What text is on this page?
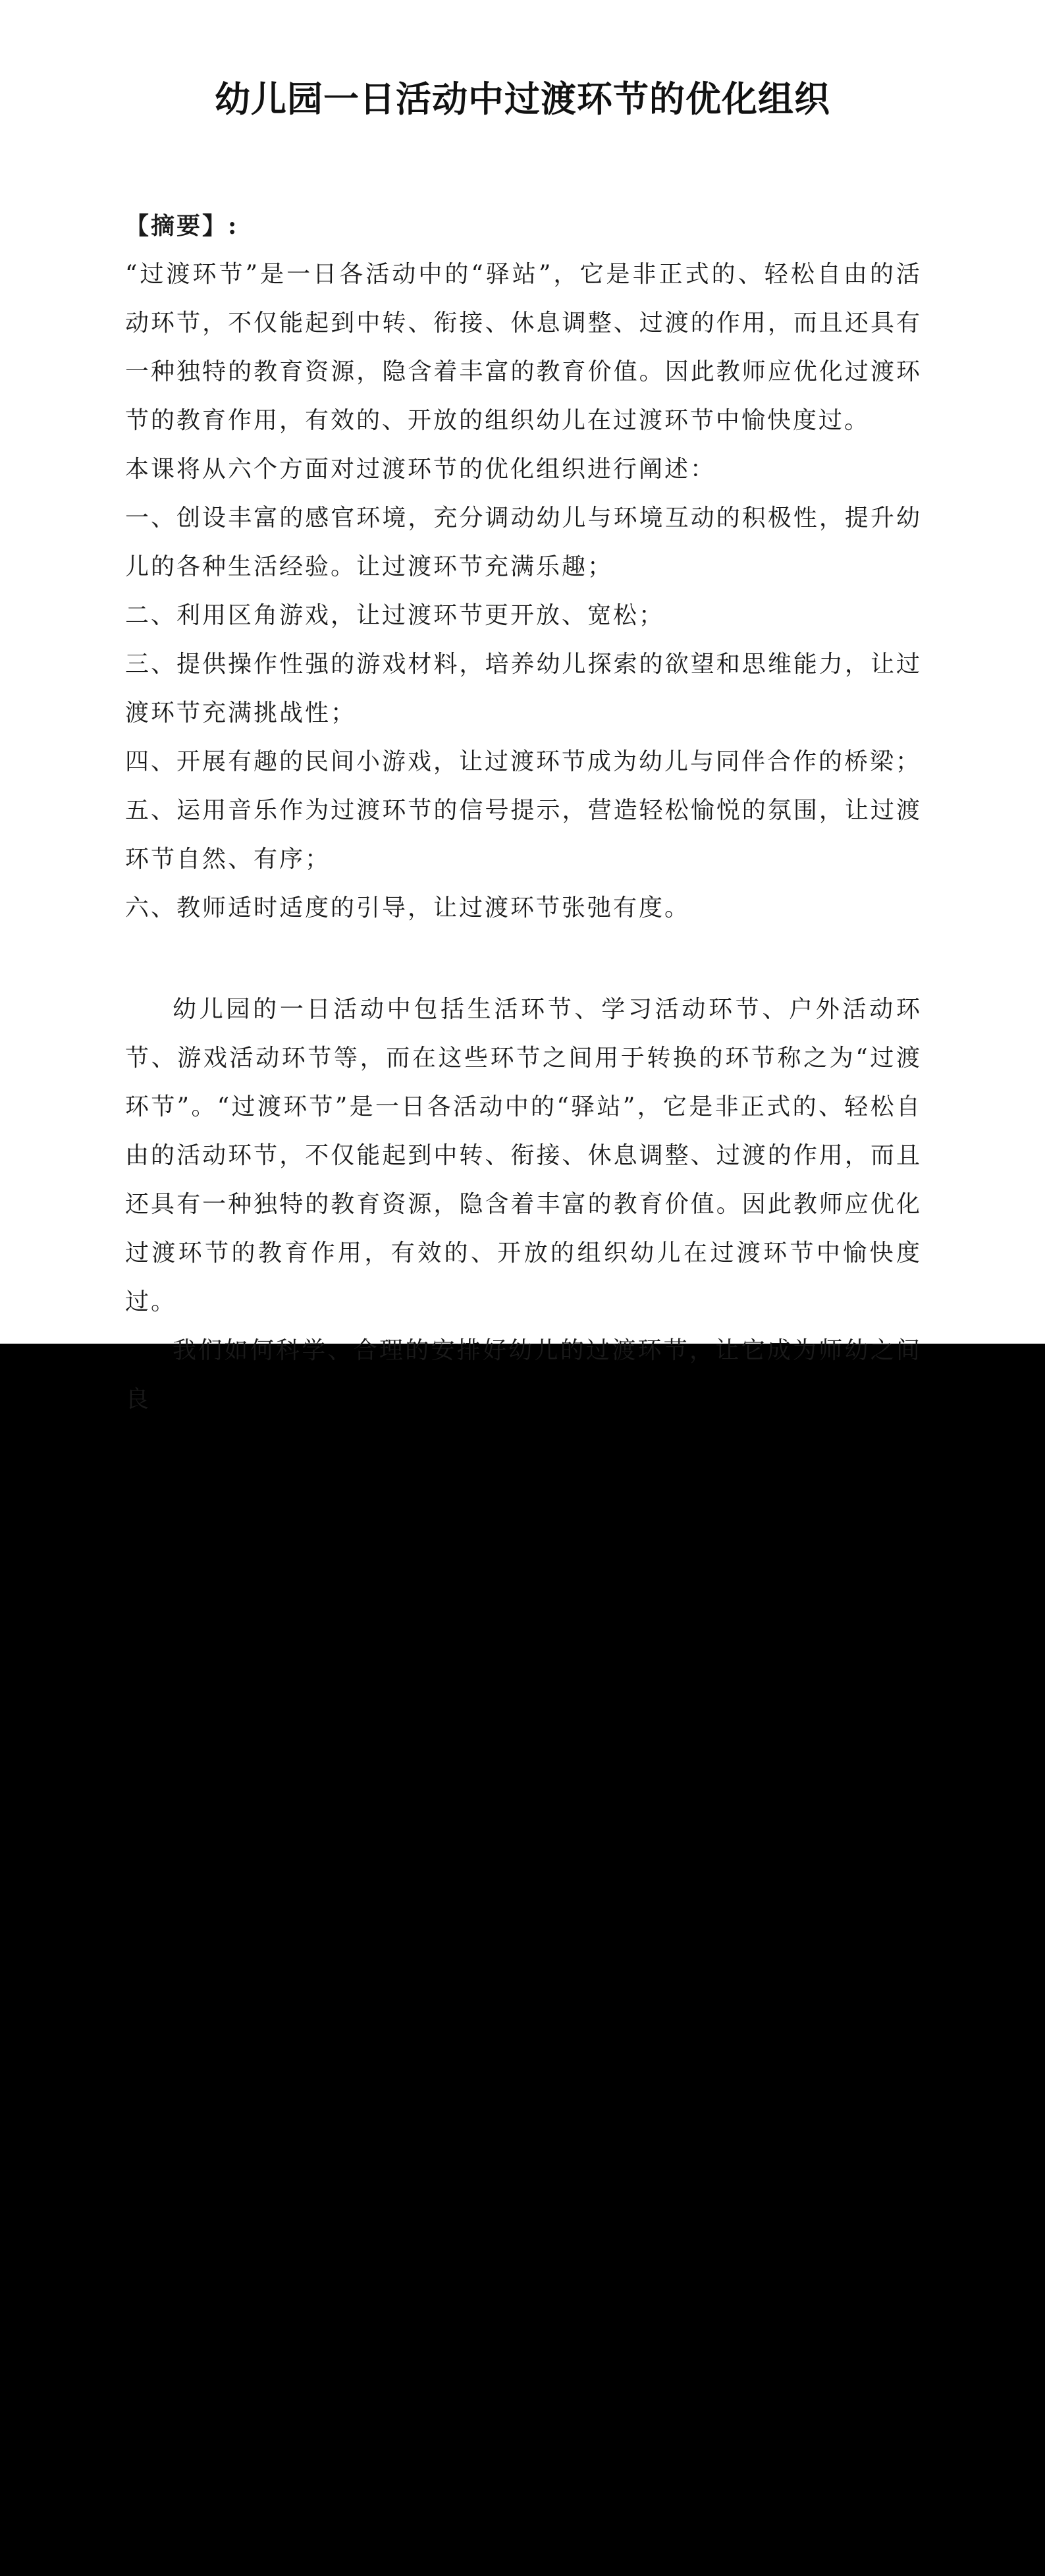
幼儿园一日活动中过渡环节的优化组织

【摘要】:

“过渡环节”是一日各活动中的“驿站”，它是非正式的、轻松自由的活动环节，不仅能起到中转、衔接、休息调整、过渡的作用，而且还具有一种独特的教育资源，隐含着丰富的教育价值。因此教师应优化过渡环节的教育作用，有效的、开放的组织幼儿在过渡环节中愉快度过。

本课将从六个方面对过渡环节的优化组织进行阐述：

一、创设丰富的感官环境，充分调动幼儿与环境互动的积极性，提升幼儿的各种生活经验。让过渡环节充满乐趣；

二、利用区角游戏，让过渡环节更开放、宽松；

三、提供操作性强的游戏材料，培养幼儿探索的欲望和思维能力，让过渡环节充满挑战性；

四、开展有趣的民间小游戏，让过渡环节成为幼儿与同伴合作的桥梁；

五、运用音乐作为过渡环节的信号提示，营造轻松愉悦的氛围，让过渡环节自然、有序；

六、教师适时适度的引导，让过渡环节张弛有度。

幼儿园的一日活动中包括生活环节、学习活动环节、户外活动环节、游戏活动环节等，而在这些环节之间用于转换的环节称之为“过渡环节”。“过渡环节”是一日各活动中的“驿站”，它是非正式的、轻松自由的活动环节，不仅能起到中转、衔接、休息调整、过渡的作用，而且还具有一种独特的教育资源，隐含着丰富的教育价值。因此教师应优化过渡环节的教育作用，有效的、开放的组织幼儿在过渡环节中愉快度过。

我们如何科学、合理的安排好幼儿的过渡环节，让它成为师幼之间良
